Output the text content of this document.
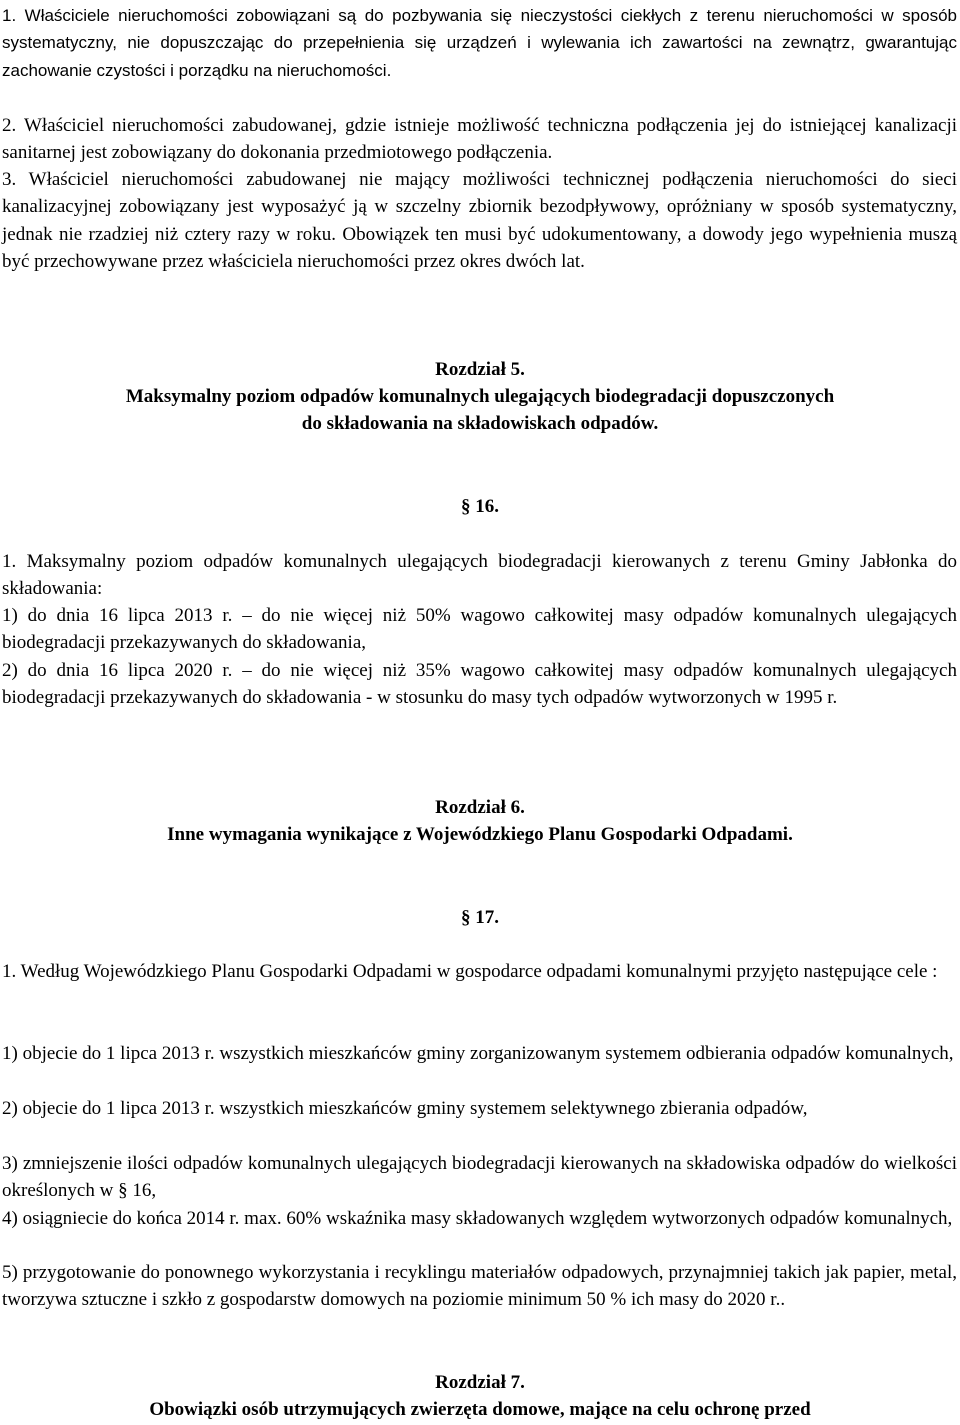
1. Właściciele nieruchomości zobowiązani są do pozbywania się nieczystości ciekłych z terenu nieruchomości w sposób systematyczny, nie dopuszczając do przepełnienia się urządzeń i wylewania ich zawartości na zewnątrz, gwarantując zachowanie czystości i porządku na nieruchomości.

2. Właściciel nieruchomości zabudowanej, gdzie istnieje możliwość techniczna podłączenia jej do istniejącej kanalizacji sanitarnej jest zobowiązany do dokonania przedmiotowego podłączenia.

3. Właściciel nieruchomości zabudowanej nie mający możliwości technicznej podłączenia nieruchomości do sieci kanalizacyjnej zobowiązany jest wyposażyć ją w szczelny zbiornik bezodpływowy, opróżniany w sposób systematyczny, jednak nie rzadziej niż cztery razy w roku. Obowiązek ten musi być udokumentowany, a dowody jego wypełnienia muszą być przechowywane przez właściciela nieruchomości przez okres dwóch lat.

Rozdział 5.

Maksymalny poziom odpadów komunalnych ulegających biodegradacji dopuszczonych

do składowania na składowiskach odpadów.

§ 16.

1. Maksymalny poziom odpadów komunalnych ulegających biodegradacji kierowanych z terenu Gminy Jabłonka do składowania:

1) do dnia 16 lipca 2013 r. – do nie więcej niż 50% wagowo całkowitej masy odpadów komunalnych ulegających biodegradacji przekazywanych do składowania,

2) do dnia 16 lipca 2020 r. – do nie więcej niż 35% wagowo całkowitej masy odpadów komunalnych ulegających biodegradacji przekazywanych do składowania - w stosunku do masy tych odpadów wytworzonych w 1995 r.

Rozdział 6.

Inne wymagania wynikające z Wojewódzkiego Planu Gospodarki Odpadami.

§ 17.

1. Według Wojewódzkiego Planu Gospodarki Odpadami w gospodarce odpadami komunalnymi przyjęto następujące cele :

1) objecie do 1 lipca 2013 r. wszystkich mieszkańców gminy zorganizowanym systemem odbierania odpadów komunalnych,

2) objecie do 1 lipca 2013 r. wszystkich mieszkańców gminy systemem selektywnego zbierania odpadów,

3) zmniejszenie ilości odpadów komunalnych ulegających biodegradacji kierowanych na składowiska odpadów do wielkości określonych w § 16,

4) osiągniecie do końca 2014 r. max. 60% wskaźnika masy składowanych względem wytworzonych odpadów komunalnych,

5) przygotowanie do ponownego wykorzystania i recyklingu materiałów odpadowych, przynajmniej takich jak papier, metal, tworzywa sztuczne i szkło z gospodarstw domowych na poziomie minimum 50 % ich masy do 2020 r..

Rozdział 7.

Obowiązki osób utrzymujących zwierzęta domowe, mające na celu ochronę przed
